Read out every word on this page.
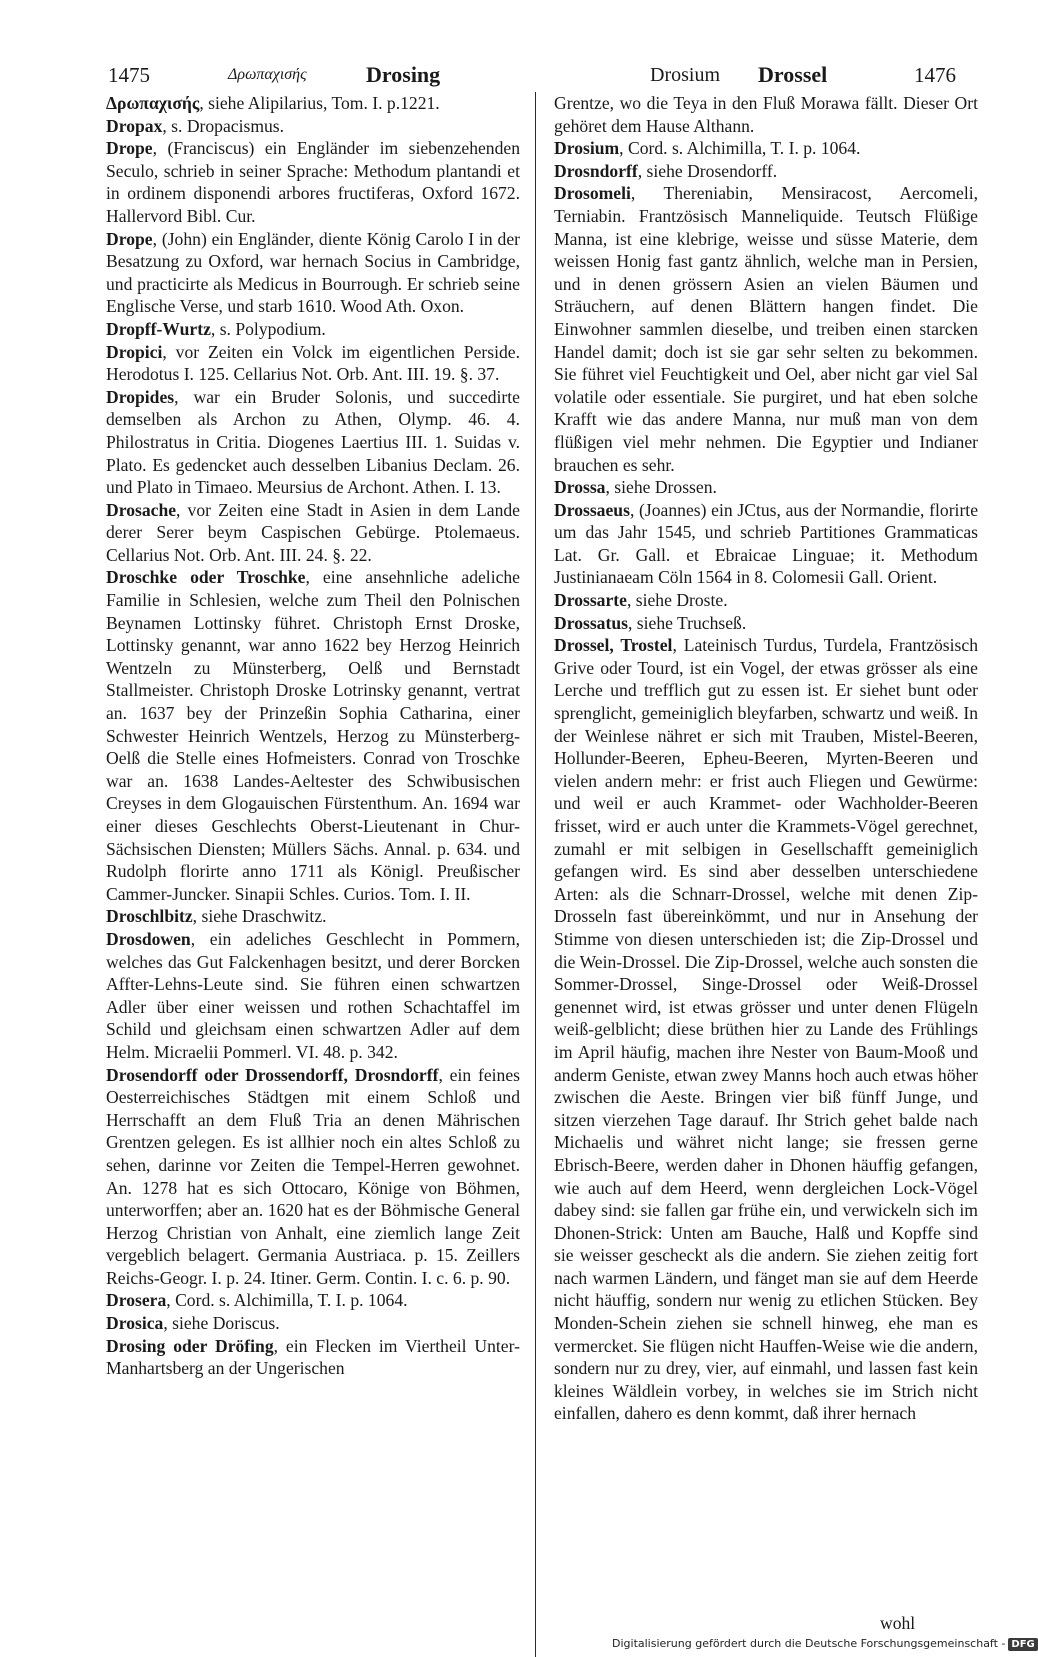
1475	Δρωπαχισής	Drosing	Drosium Drossel	1476

Δρωπαχισής, siehe Alipilarius, Tom. I. p.1221.

Dropax, s. Dropacismus.

Drope, (Franciscus) ein Engländer im siebenzehenden Seculo, schrieb in seiner Sprache: Methodum plantandi et in ordinem disponendi arbores fructiferas, Oxford 1672. Hallervord Bibl. Cur.

Drope, (John) ein Engländer, diente König Carolo I in der Besatzung zu Oxford, war hernach Socius in Cambridge, und practicirte als Medicus in Bourrough. Er schrieb seine Englische Verse, und starb 1610. Wood Ath. Oxon.

Dropff-Wurtz, s. Polypodium.

Dropici, vor Zeiten ein Volck im eigentlichen Perside. Herodotus I. 125. Cellarius Not. Orb. Ant. III. 19. §. 37.

Dropides, war ein Bruder Solonis, und succedirte demselben als Archon zu Athen, Olymp. 46. 4. Philostratus in Critia. Diogenes Laertius III. 1. Suidas v. Plato. Es gedencket auch desselben Libanius Declam. 26. und Plato in Timaeo. Meursius de Archont. Athen. I. 13.

Drosache, vor Zeiten eine Stadt in Asien in dem Lande derer Serer beym Caspischen Gebürge. Ptolemaeus. Cellarius Not. Orb. Ant. III. 24. §. 22.

Droschke oder Troschke, eine ansehnliche adeliche Familie in Schlesien, welche zum Theil den Polnischen Beynamen Lottinsky führet. Christoph Ernst Droske, Lottinsky genannt, war anno 1622 bey Herzog Heinrich Wentzeln zu Münsterberg, Oelß und Bernstadt Stallmeister. Christoph Droske Lotrinsky genannt, vertrat an. 1637 bey der Prinzeßin Sophia Catharina, einer Schwester Heinrich Wentzels, Herzog zu Münsterberg-Oelß die Stelle eines Hofmeisters. Conrad von Troschke war an. 1638 Landes-Aeltester des Schwibusischen Creyses in dem Glogauischen Fürstenthum. An. 1694 war einer dieses Geschlechts Oberst-Lieutenant in Chur-Sächsischen Diensten; Müllers Sächs. Annal. p. 634. und Rudolph florirte anno 1711 als Königl. Preußischer Cammer-Juncker. Sinapii Schles. Curios. Tom. I. II.

Droschlbitz, siehe Draschwitz.

Drosdowen, ein adeliches Geschlecht in Pommern, welches das Gut Falckenhagen besitzt, und derer Borcken Affter-Lehns-Leute sind. Sie führen einen schwartzen Adler über einer weissen und rothen Schachtaffel im Schild und gleichsam einen schwartzen Adler auf dem Helm. Micraelii Pommerl. VI. 48. p. 342.

Drosendorff oder Drossendorff, Drosndorff, ein feines Oesterreichisches Städtgen mit einem Schloß und Herrschafft an dem Fluß Tria an denen Mährischen Grentzen gelegen. Es ist allhier noch ein altes Schloß zu sehen, darinne vor Zeiten die Tempel-Herren gewohnet. An. 1278 hat es sich Ottocaro, Könige von Böhmen, unterworffen; aber an. 1620 hat es der Böhmische General Herzog Christian von Anhalt, eine ziemlich lange Zeit vergeblich belagert. Germania Austriaca. p. 15. Zeillers Reichs-Geogr. I. p. 24. Itiner. Germ. Contin. I. c. 6. p. 90.

Drosera, Cord. s. Alchimilla, T. I. p. 1064.

Drosica, siehe Doriscus.

Drosing oder Dröfing, ein Flecken im Viertheil Unter-Manhartsberg an der Ungerischen

Grentze, wo die Teya in den Fluß Morawa fällt. Dieser Ort gehöret dem Hause Althann.

Drosium, Cord. s. Alchimilla, T. I. p. 1064.

Drosndorff, siehe Drosendorff.

Drosomeli, Thereniabin, Mensiracost, Aercomeli, Terniabin. Frantzösisch Manneliquide. Teutsch Flüßige Manna, ist eine klebrige, weisse und süsse Materie, dem weissen Honig fast gantz ähnlich, welche man in Persien, und in denen grössern Asien an vielen Bäumen und Sträuchern, auf denen Blättern hangen findet. Die Einwohner sammlen dieselbe, und treiben einen starcken Handel damit; doch ist sie gar sehr selten zu bekommen. Sie führet viel Feuchtigkeit und Oel, aber nicht gar viel Sal volatile oder essentiale. Sie purgiret, und hat eben solche Krafft wie das andere Manna, nur muß man von dem flüßigen viel mehr nehmen. Die Egyptier und Indianer brauchen es sehr.

Drossa, siehe Drossen.

Drossaeus, (Joannes) ein JCtus, aus der Normandie, florirte um das Jahr 1545, und schrieb Partitiones Grammaticas Lat. Gr. Gall. et Ebraicae Linguae; it. Methodum Justinianaeam Cöln 1564 in 8. Colomesii Gall. Orient.

Drossarte, siehe Droste.

Drossatus, siehe Truchseß.

Drossel, Trostel, Lateinisch Turdus, Turdela, Frantzösisch Grive oder Tourd, ist ein Vogel, der etwas grösser als eine Lerche und trefflich gut zu essen ist. Er siehet bunt oder sprenglicht, gemeiniglich bleyfarben, schwartz und weiß. In der Weinlese nähret er sich mit Trauben, Mistel-Beeren, Hollunder-Beeren, Epheu-Beeren, Myrten-Beeren und vielen andern mehr: er frist auch Fliegen und Gewürme: und weil er auch Krammet- oder Wachholder-Beeren frisset, wird er auch unter die Krammets-Vögel gerechnet, zumahl er mit selbigen in Gesellschafft gemeiniglich gefangen wird. Es sind aber desselben unterschiedene Arten: als die Schnarr-Drossel, welche mit denen Zip-Drosseln fast übereinkömmt, und nur in Ansehung der Stimme von diesen unterschieden ist; die Zip-Drossel und die Wein-Drossel. Die Zip-Drossel, welche auch sonsten die Sommer-Drossel, Singe-Drossel oder Weiß-Drossel genennet wird, ist etwas grösser und unter denen Flügeln weiß-gelblicht; diese brüthen hier zu Lande des Frühlings im April häufig, machen ihre Nester von Baum-Mooß und anderm Geniste, etwan zwey Manns hoch auch etwas höher zwischen die Aeste. Bringen vier biß fünff Junge, und sitzen vierzehen Tage darauf. Ihr Strich gehet balde nach Michaelis und währet nicht lange; sie fressen gerne Ebrisch-Beere, werden daher in Dhonen häuffig gefangen, wie auch auf dem Heerd, wenn dergleichen Lock-Vögel dabey sind: sie fallen gar frühe ein, und verwickeln sich im Dhonen-Strick: Unten am Bauche, Halß und Kopffe sind sie weisser gescheckt als die andern. Sie ziehen zeitig fort nach warmen Ländern, und fänget man sie auf dem Heerde nicht häuffig, sondern nur wenig zu etlichen Stücken. Bey Monden-Schein ziehen sie schnell hinweg, ehe man es vermercket. Sie flügen nicht Hauffen-Weise wie die andern, sondern nur zu drey, vier, auf einmahl, und lassen fast kein kleines Wäldlein vorbey, in welches sie im Strich nicht einfallen, dahero es denn kommt, daß ihrer hernach

wohl
Digitalisierung gefördert durch die Deutsche Forschungsgemeinschaft - DFG
